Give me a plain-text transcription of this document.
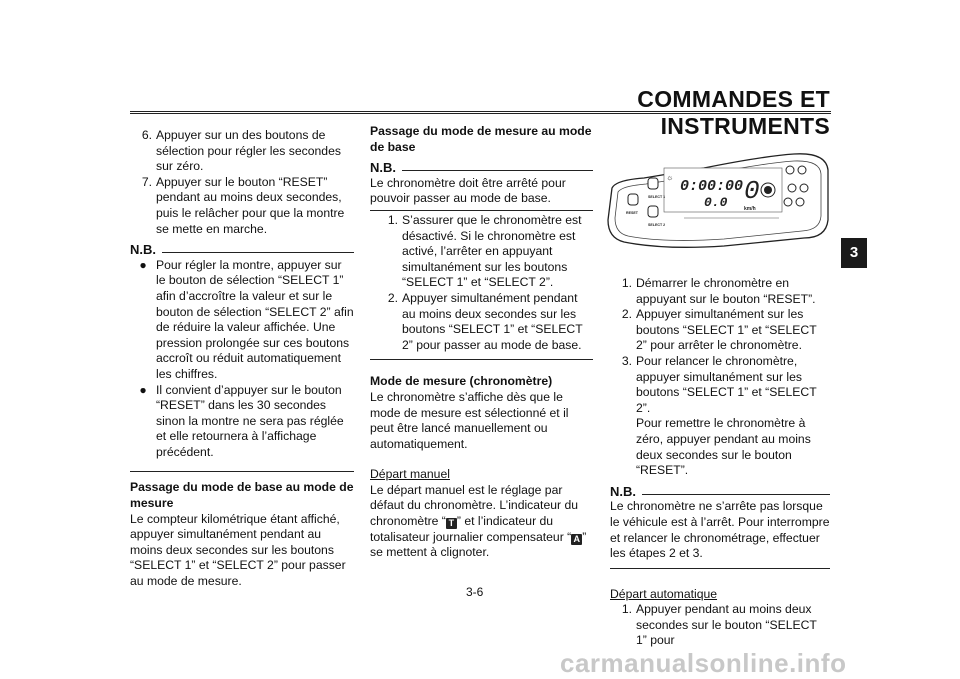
COMMANDES ET INSTRUMENTS
3
6. Appuyer sur un des boutons de sélection pour régler les secondes sur zéro.
7. Appuyer sur le bouton “RESET” pendant au moins deux secondes, puis le relâcher pour que la montre se mette en marche.
N.B.
● Pour régler la montre, appuyer sur le bouton de sélection “SELECT 1” afin d’accroître la valeur et sur le bouton de sélection “SELECT 2” afin de réduire la valeur affichée. Une pression prolongée sur ces boutons accroît ou réduit automatiquement les chiffres.
● Il convient d’appuyer sur le bouton “RESET” dans les 30 secondes sinon la montre ne sera pas réglée et elle retournera à l’affichage précédent.

Passage du mode de base au mode de mesure

Le compteur kilométrique étant affiché, appuyer simultanément pendant au moins deux secondes sur les boutons “SELECT 1” et “SELECT 2” pour passer au mode de mesure.

Passage du mode de mesure au mode de base

N.B.

Le chronomètre doit être arrêté pour pouvoir passer au mode de base.

1. S’assurer que le chronomètre est désactivé. Si le chronomètre est activé, l’arrêter en appuyant simultanément sur les boutons “SELECT 1” et “SELECT 2”.
2. Appuyer simultanément pendant au moins deux secondes sur les boutons “SELECT 1” et “SELECT 2” pour passer au mode de base.

Mode de mesure (chronomètre)

Le chronomètre s’affiche dès que le mode de mesure est sélectionné et il peut être lancé manuellement ou automatiquement.

Départ manuel

Le départ manuel est le réglage par défaut du chronomètre. L’indicateur du chronomètre “ T ” et l’indicateur du totalisateur journalier compensateur “ A ” se mettent à clignoter.

0:00:00
0.0 0
km/h
☼
SELECT 1
SELECT 2
RESET
1. Démarrer le chronomètre en appuyant sur le bouton “RESET”.
2. Appuyer simultanément sur les boutons “SELECT 1” et “SELECT 2” pour arrêter le chronomètre.
3. Pour relancer le chronomètre, appuyer simultanément sur les boutons “SELECT 1” et “SELECT 2”.
Pour remettre le chronomètre à zéro, appuyer pendant au moins deux secondes sur le bouton “RESET”.
N.B.

Le chronomètre ne s’arrête pas lorsque le véhicule est à l’arrêt. Pour interrompre et relancer le chronométrage, effectuer les étapes 2 et 3.

Départ automatique

1. Appuyer pendant au moins deux secondes sur le bouton “SELECT 1” pour
3-6
carmanualsonline.info
